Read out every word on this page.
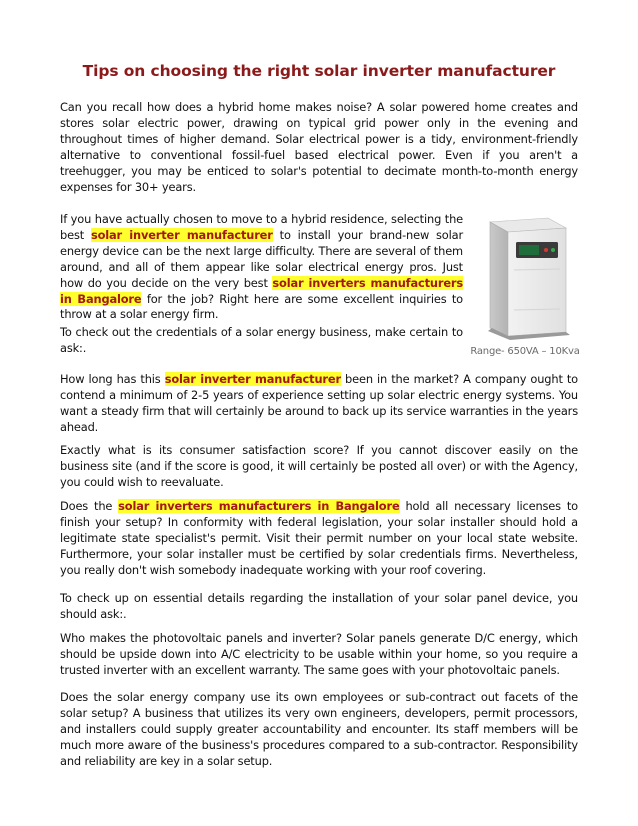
Tips on choosing the right solar inverter manufacturer

Can you recall how does a hybrid home makes noise? A solar powered home creates and stores solar electric power, drawing on typical grid power only in the evening and throughout times of higher demand. Solar electrical power is a tidy, environment-friendly alternative to conventional fossil-fuel based electrical power. Even if you aren't a treehugger, you may be enticed to solar's potential to decimate month-to-month energy expenses for 30+ years.

If you have actually chosen to move to a hybrid residence, selecting the best solar inverter manufacturer to install your brand-new solar energy device can be the next large difficulty. There are several of them around, and all of them appear like solar electrical energy pros. Just how do you decide on the very best solar inverters manufacturers in Bangalore for the job? Right here are some excellent inquiries to throw at a solar energy firm.

To check out the credentials of a solar energy business, make certain to ask:.	Range- 650VA – 10Kva

How long has this solar inverter manufacturer been in the market? A company ought to contend a minimum of 2-5 years of experience setting up solar electric energy systems. You want a steady firm that will certainly be around to back up its service warranties in the years ahead.

Exactly what is its consumer satisfaction score? If you cannot discover easily on the business site (and if the score is good, it will certainly be posted all over) or with the Agency, you could wish to reevaluate.

Does the solar inverters manufacturers in Bangalore hold all necessary licenses to finish your setup? In conformity with federal legislation, your solar installer should hold a legitimate state specialist's permit. Visit their permit number on your local state website. Furthermore, your solar installer must be certified by solar credentials firms. Nevertheless, you really don't wish somebody inadequate working with your roof covering.

To check up on essential details regarding the installation of your solar panel device, you should ask:.

Who makes the photovoltaic panels and inverter? Solar panels generate D/C energy, which should be upside down into A/C electricity to be usable within your home, so you require a trusted inverter with an excellent warranty. The same goes with your photovoltaic panels.

Does the solar energy company use its own employees or sub-contract out facets of the solar setup? A business that utilizes its very own engineers, developers, permit processors, and installers could supply greater accountability and encounter. Its staff members will be much more aware of the business's procedures compared to a sub-contractor. Responsibility and reliability are key in a solar setup.
